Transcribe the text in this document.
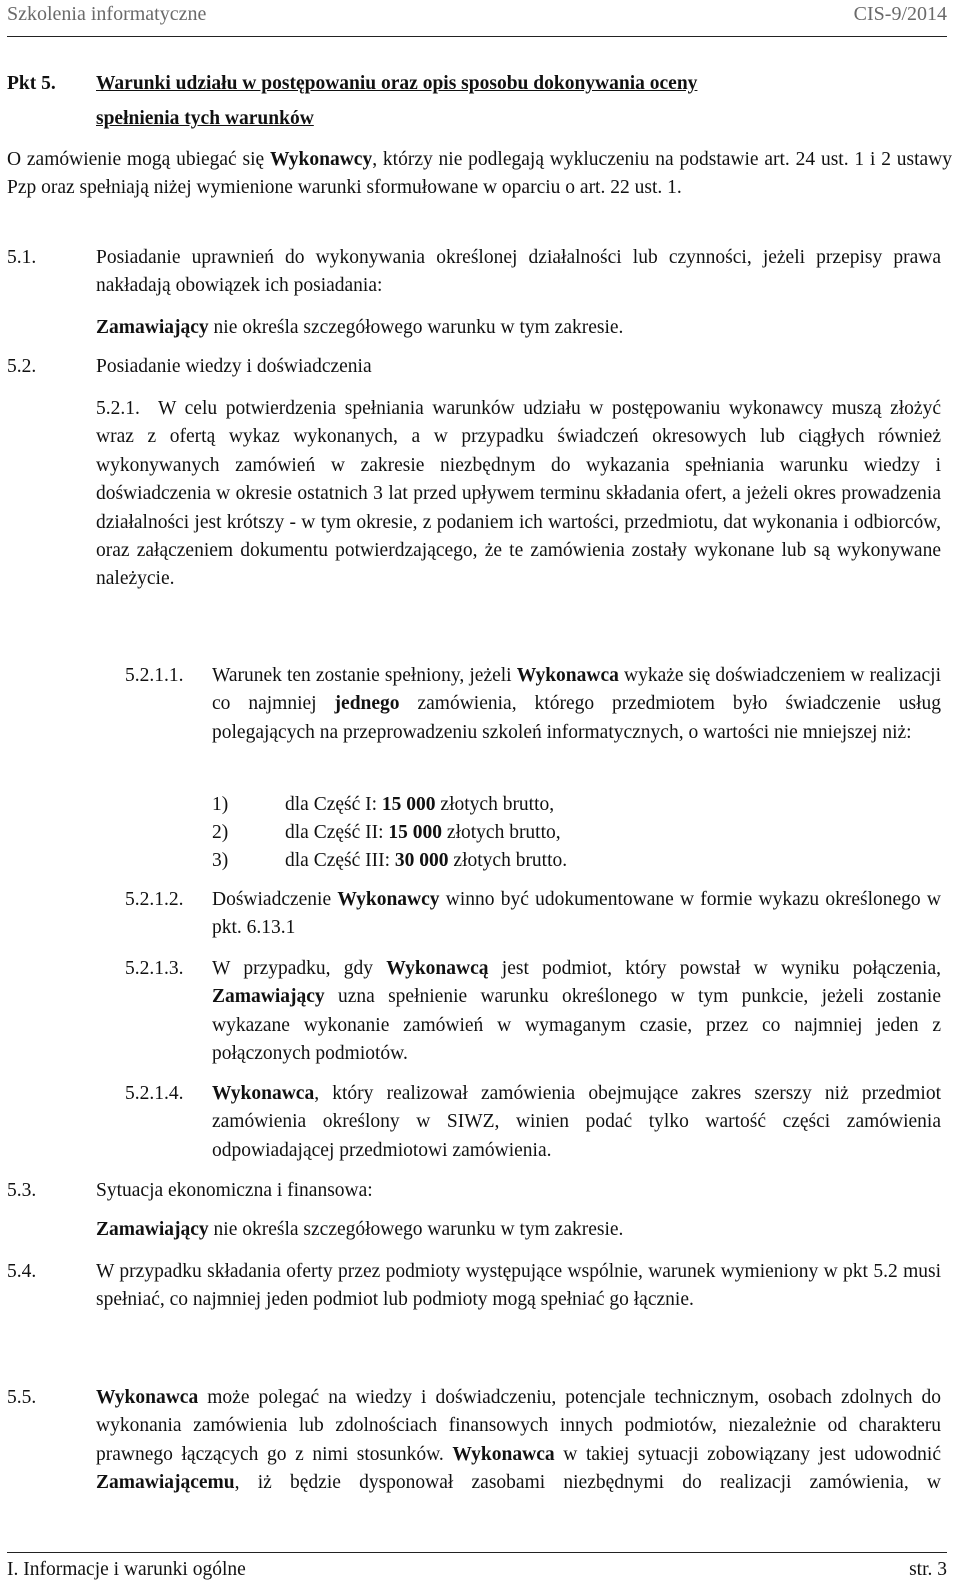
Szkolenia informatyczne	CIS-9/2014
Pkt 5. Warunki udziału w postępowaniu oraz opis sposobu dokonywania oceny
spełnienia tych warunków

O zamówienie mogą ubiegać się Wykonawcy, którzy nie podlegają wykluczeniu na podstawie art. 24 ust. 1 i 2 ustawy Pzp oraz spełniają niżej wymienione warunki sformułowane w oparciu o art. 22 ust. 1.

5.1.	Posiadanie uprawnień do wykonywania określonej działalności lub czynności, jeżeli przepisy prawa nakładają obowiązek ich posiadania:

Zamawiający nie określa szczegółowego warunku w tym zakresie.

5.2.	Posiadanie wiedzy i doświadczenia

5.2.1. W celu potwierdzenia spełniania warunków udziału w postępowaniu wykonawcy muszą złożyć wraz z ofertą wykaz wykonanych, a w przypadku świadczeń okresowych lub ciągłych również wykonywanych zamówień w zakresie niezbędnym do wykazania spełniania warunku wiedzy i doświadczenia w okresie ostatnich 3 lat przed upływem terminu składania ofert, a jeżeli okres prowadzenia działalności jest krótszy - w tym okresie, z podaniem ich wartości, przedmiotu, dat wykonania i odbiorców, oraz załączeniem dokumentu potwierdzającego, że te zamówienia zostały wykonane lub są wykonywane należycie.

5.2.1.1. Warunek ten zostanie spełniony, jeżeli Wykonawca wykaże się doświadczeniem w realizacji co najmniej jednego zamówienia, którego przedmiotem było świadczenie usług polegających na przeprowadzeniu szkoleń informatycznych, o wartości nie mniejszej niż:

1)	dla Część I: 15 000 złotych brutto,
2)	dla Część II: 15 000 złotych brutto,
3)	dla Część III: 30 000 złotych brutto.
5.2.1.2. Doświadczenie Wykonawcy winno być udokumentowane w formie wykazu określonego w pkt. 6.13.1

5.2.1.3. W przypadku, gdy Wykonawcą jest podmiot, który powstał w wyniku połączenia, Zamawiający uzna spełnienie warunku określonego w tym punkcie, jeżeli zostanie wykazane wykonanie zamówień w wymaganym czasie, przez co najmniej jeden z połączonych podmiotów.

5.2.1.4. Wykonawca, który realizował zamówienia obejmujące zakres szerszy niż przedmiot zamówienia określony w SIWZ, winien podać tylko wartość części zamówienia odpowiadającej przedmiotowi zamówienia.

5.3.	Sytuacja ekonomiczna i finansowa:

Zamawiający nie określa szczegółowego warunku w tym zakresie.

5.4.	W przypadku składania oferty przez podmioty występujące wspólnie, warunek wymieniony w pkt 5.2 musi spełniać, co najmniej jeden podmiot lub podmioty mogą spełniać go łącznie.

5.5.	Wykonawca może polegać na wiedzy i doświadczeniu, potencjale technicznym, osobach zdolnych do wykonania zamówienia lub zdolnościach finansowych innych podmiotów, niezależnie od charakteru prawnego łączących go z nimi stosunków. Wykonawca w takiej sytuacji zobowiązany jest udowodnić Zamawiającemu, iż będzie dysponował zasobami niezbędnymi do realizacji zamówienia, w

I. Informacje i warunki ogólne	str. 3
